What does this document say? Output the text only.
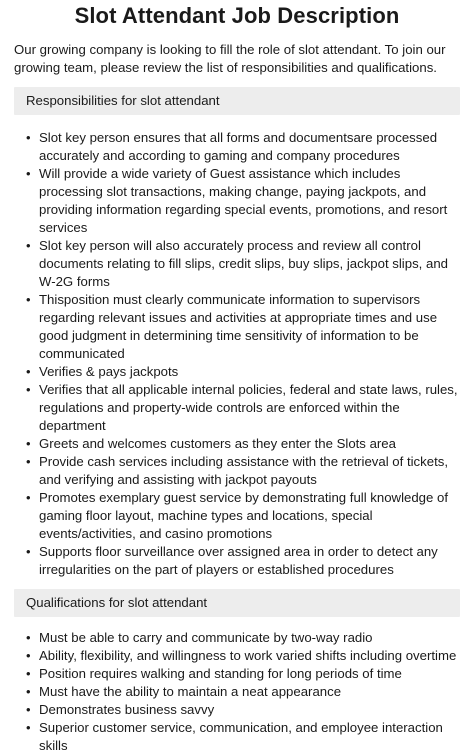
Slot Attendant Job Description

Our growing company is looking to fill the role of slot attendant. To join our growing team, please review the list of responsibilities and qualifications.

Responsibilities for slot attendant
• Slot key person ensures that all forms and documentsare processed accurately and according to gaming and company procedures
• Will provide a wide variety of Guest assistance which includes processing slot transactions, making change, paying jackpots, and providing information regarding special events, promotions, and resort services
• Slot key person will also accurately process and review all control documents relating to fill slips, credit slips, buy slips, jackpot slips, and W-2G forms
• Thisposition must clearly communicate information to supervisors regarding relevant issues and activities at appropriate times and use good judgment in determining time sensitivity of information to be communicated
• Verifies & pays jackpots
• Verifies that all applicable internal policies, federal and state laws, rules, regulations and property-wide controls are enforced within the department
• Greets and welcomes customers as they enter the Slots area
• Provide cash services including assistance with the retrieval of tickets, and verifying and assisting with jackpot payouts
• Promotes exemplary guest service by demonstrating full knowledge of gaming floor layout, machine types and locations, special events/activities, and casino promotions
• Supports floor surveillance over assigned area in order to detect any irregularities on the part of players or established procedures
Qualifications for slot attendant
• Must be able to carry and communicate by two-way radio
• Ability, flexibility, and willingness to work varied shifts including overtime
• Position requires walking and standing for long periods of time
• Must have the ability to maintain a neat appearance
• Demonstrates business savvy
• Superior customer service, communication, and employee interaction skills
